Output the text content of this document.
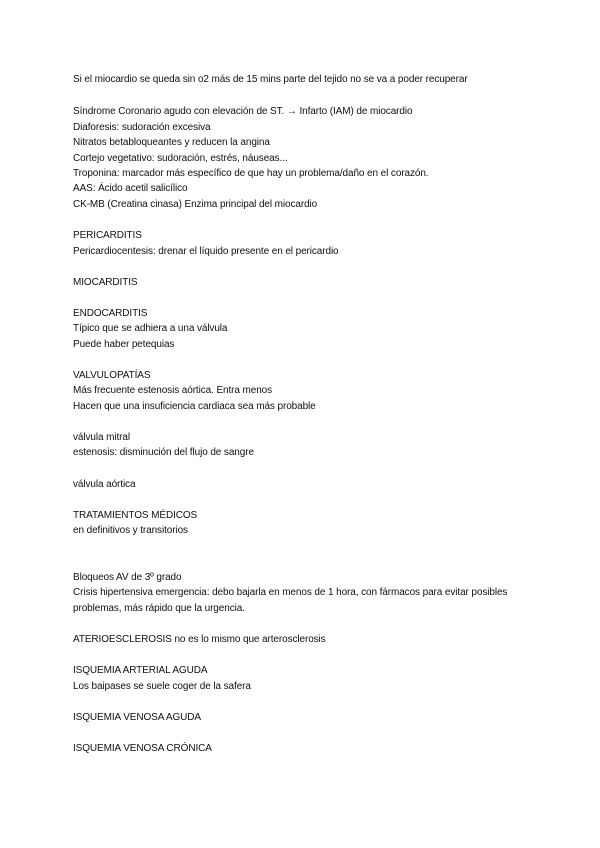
Si el miocardio se queda sin o2 más de 15 mins parte del tejido no se va a poder recuperar
Síndrome Coronario agudo con elevación de ST. → Infarto (IAM) de miocardio
Diaforesis: sudoración excesiva
Nitratos betabloqueantes y reducen la angina
Cortejo vegetativo: sudoración, estrés, náuseas...
Troponina: marcador más específico de que hay un problema/daño en el corazón.
AAS: Ácido acetil salicílico
CK-MB (Creatina cinasa) Enzima principal del miocardio
PERICARDITIS
Pericardiocentesis: drenar el líquido presente en el pericardio
MIOCARDITIS
ENDOCARDITIS
Típico que se adhiera a una válvula
Puede haber petequias
VALVULOPATÍAS
Más frecuente estenosis aórtica. Entra menos
Hacen que una insuficiencia cardiaca sea más probable
válvula mitral
estenosis: disminución del flujo de sangre
válvula aórtica
TRATAMIENTOS MÉDICOS
en definitivos y transitorios
Bloqueos AV de 3º grado
Crisis hipertensiva emergencia: debo bajarla en menos de 1 hora, con fármacos para evitar posibles problemas, más rápido que la urgencia.
ATERIOESCLEROSIS no es lo mismo que arterosclerosis
ISQUEMIA ARTERIAL AGUDA
Los baipases se suele coger de la safera
ISQUEMIA VENOSA AGUDA
ISQUEMIA VENOSA CRÓNICA
